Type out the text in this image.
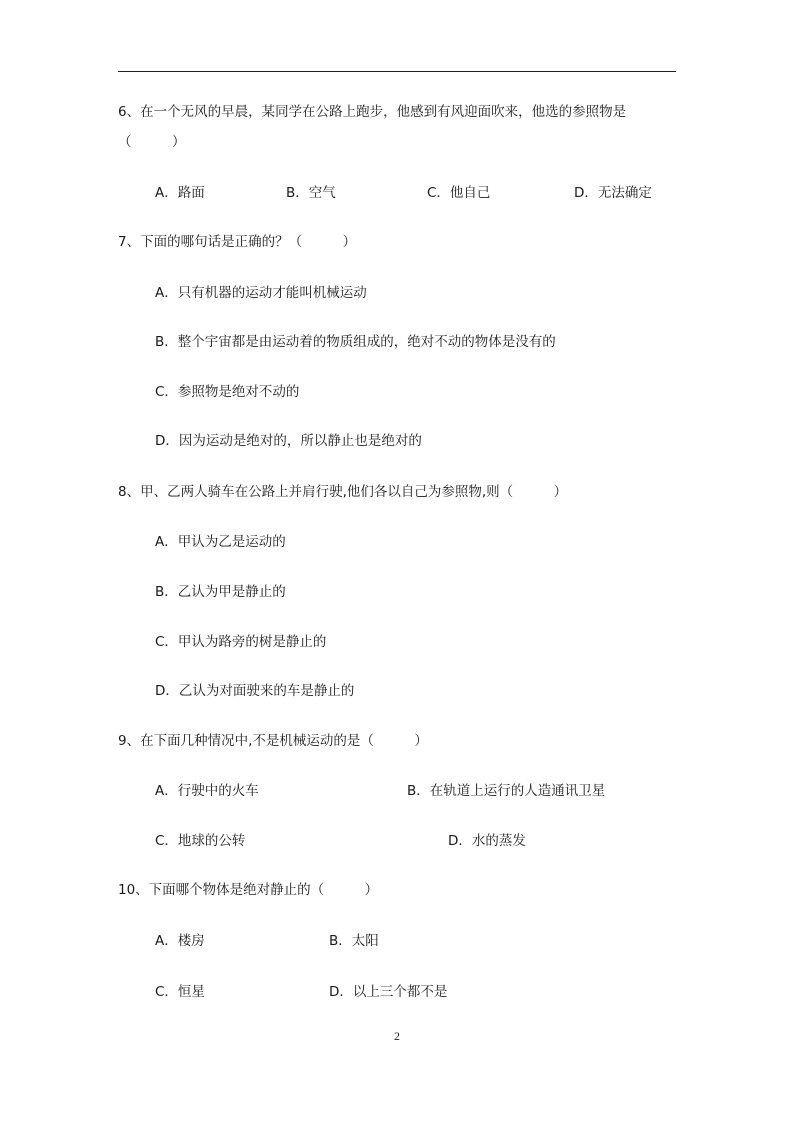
6、在一个无风的早晨，某同学在公路上跑步，他感到有风迎面吹来，他选的参照物是
（　　　）
A．路面	B．空气	C．他自己	D．无法确定
7、下面的哪句话是正确的？（　　　）
A．只有机器的运动才能叫机械运动
B．整个宇宙都是由运动着的物质组成的，绝对不动的物体是没有的
C．参照物是绝对不动的
D．因为运动是绝对的，所以静止也是绝对的
8、甲、乙两人骑车在公路上并肩行驶,他们各以自己为参照物,则（　　　）
A．甲认为乙是运动的
B．乙认为甲是静止的
C．甲认为路旁的树是静止的
D．乙认为对面驶来的车是静止的
9、在下面几种情况中,不是机械运动的是（　　　）
A．行驶中的火车	B．在轨道上运行的人造通讯卫星
C．地球的公转	D．水的蒸发
10、下面哪个物体是绝对静止的（　　　）
A．楼房	B．太阳
C．恒星	D．以上三个都不是
2
